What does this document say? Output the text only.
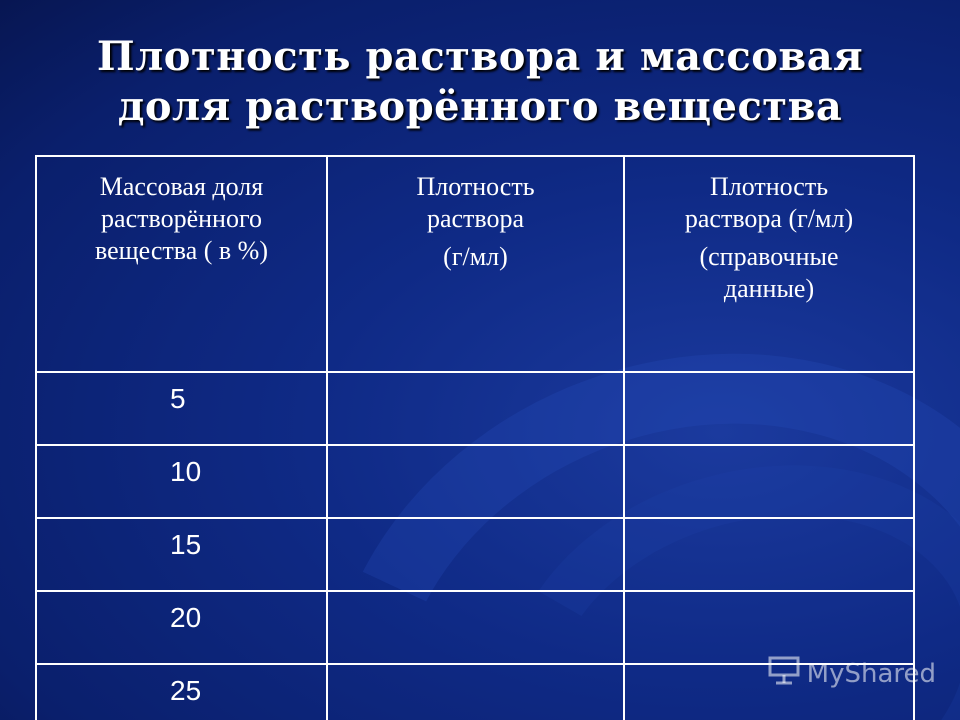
Плотность раствора и массовая
доля растворённого вещества
Массовая доля
растворённого
вещества ( в %)	Плотность
раствора
(г/мл)	Плотность
раствора (г/мл)
(справочные
данные)

5		
10		
15		
20		
25		
MyShared
